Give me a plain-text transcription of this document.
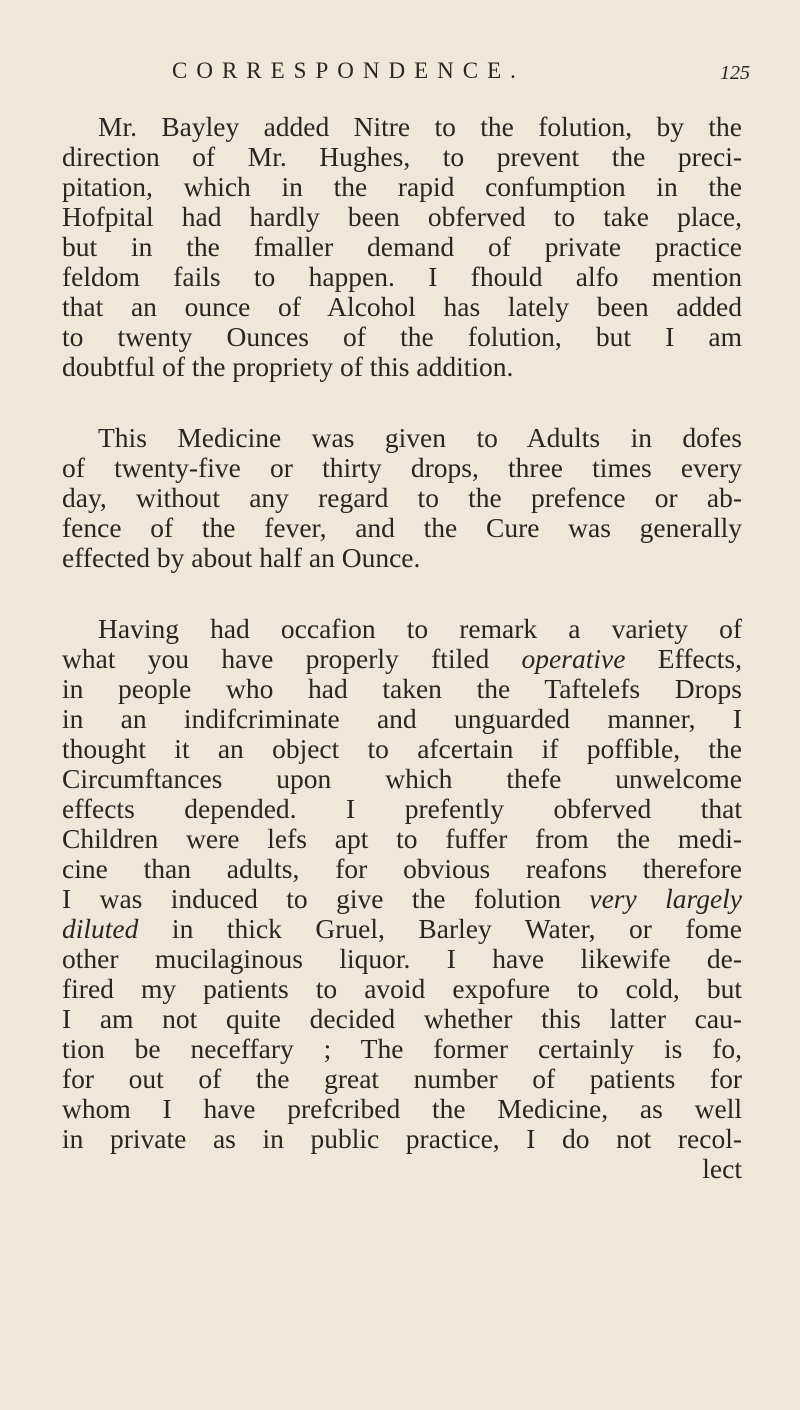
CORRESPONDENCE.	125
Mr. Bayley added Nitre to the folution, by the
direction of Mr. Hughes, to prevent the preci-
pitation, which in the rapid confumption in the
Hofpital had hardly been obferved to take place,
but in the fmaller demand of private practice
feldom fails to happen. I fhould alfo mention
that an ounce of Alcohol has lately been added
to twenty Ounces of the folution, but I am
doubtful of the propriety of this addition.
This Medicine was given to Adults in dofes
of twenty-five or thirty drops, three times every
day, without any regard to the prefence or ab-
fence of the fever, and the Cure was generally
effected by about half an Ounce.
Having had occafion to remark a variety of
what you have properly ftiled operative Effects,
in people who had taken the Taftelefs Drops
in an indifcriminate and unguarded manner, I
thought it an object to afcertain if poffible, the
Circumftances upon which thefe unwelcome
effects depended. I prefently obferved that
Children were lefs apt to fuffer from the medi-
cine than adults, for obvious reafons therefore
I was induced to give the folution very largely
diluted in thick Gruel, Barley Water, or fome
other mucilaginous liquor. I have likewife de-
fired my patients to avoid expofure to cold, but
I am not quite decided whether this latter cau-
tion be neceffary ; The former certainly is fo,
for out of the great number of patients for
whom I have prefcribed the Medicine, as well
in private as in public practice, I do not recol-
lect
